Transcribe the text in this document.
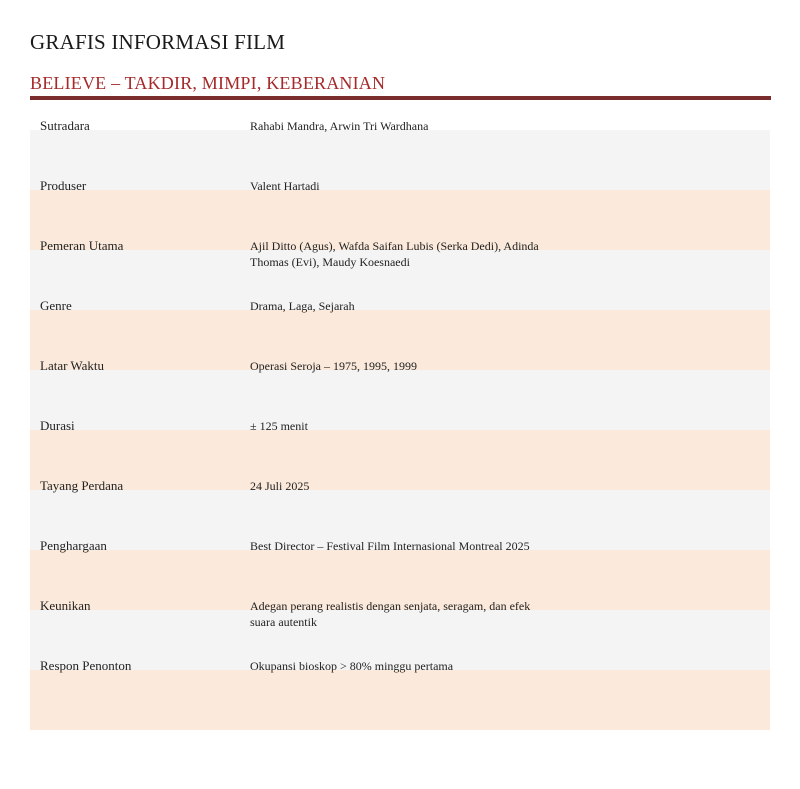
GRAFIS INFORMASI FILM
BELIEVE – TAKDIR, MIMPI, KEBERANIAN
Sutradara	Rahabi Mandra, Arwin Tri Wardhana
Produser	Valent Hartadi
Pemeran Utama	Ajil Ditto (Agus), Wafda Saifan Lubis (Serka Dedi), Adinda Thomas (Evi), Maudy Koesnaedi
Genre	Drama, Laga, Sejarah
Latar Waktu	Operasi Seroja – 1975, 1995, 1999
Durasi	± 125 menit
Tayang Perdana	24 Juli 2025
Penghargaan	Best Director – Festival Film Internasional Montreal 2025
Keunikan	Adegan perang realistis dengan senjata, seragam, dan efek suara autentik
Respon Penonton	Okupansi bioskop > 80% minggu pertama
